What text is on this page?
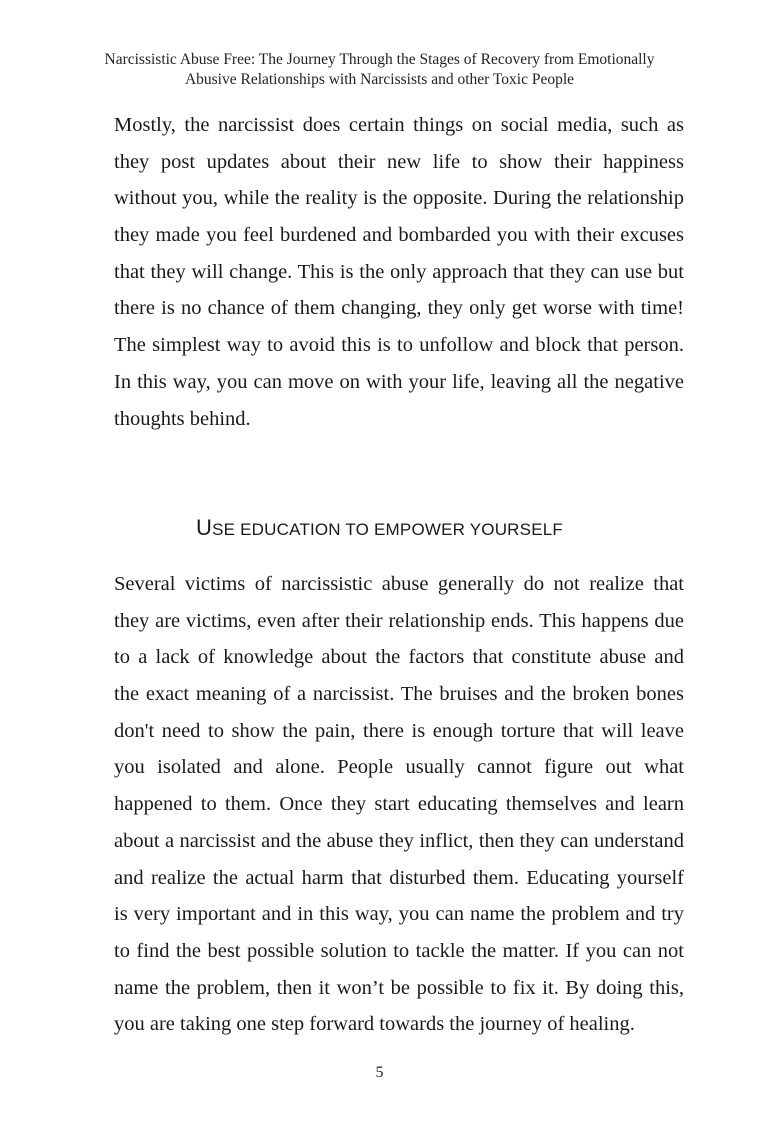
Narcissistic Abuse Free: The Journey Through the Stages of Recovery from Emotionally
Abusive Relationships with Narcissists and other Toxic People
Mostly, the narcissist does certain things on social media, such as
they post updates about their new life to show their happiness
without you, while the reality is the opposite. During the relationship
they made you feel burdened and bombarded you with their excuses
that they will change. This is the only approach that they can use but
there is no chance of them changing, they only get worse with time!
The simplest way to avoid this is to unfollow and block that person.
In this way, you can move on with your life, leaving all the negative
thoughts behind.
USE EDUCATION TO EMPOWER YOURSELF
Several victims of narcissistic abuse generally do not realize that
they are victims, even after their relationship ends. This happens due
to a lack of knowledge about the factors that constitute abuse and
the exact meaning of a narcissist. The bruises and the broken bones
don't need to show the pain, there is enough torture that will leave
you isolated and alone. People usually cannot figure out what
happened to them. Once they start educating themselves and learn
about a narcissist and the abuse they inflict, then they can understand
and realize the actual harm that disturbed them. Educating yourself
is very important and in this way, you can name the problem and try
to find the best possible solution to tackle the matter. If you can not
name the problem, then it won’t be possible to fix it. By doing this,
you are taking one step forward towards the journey of healing.
5
